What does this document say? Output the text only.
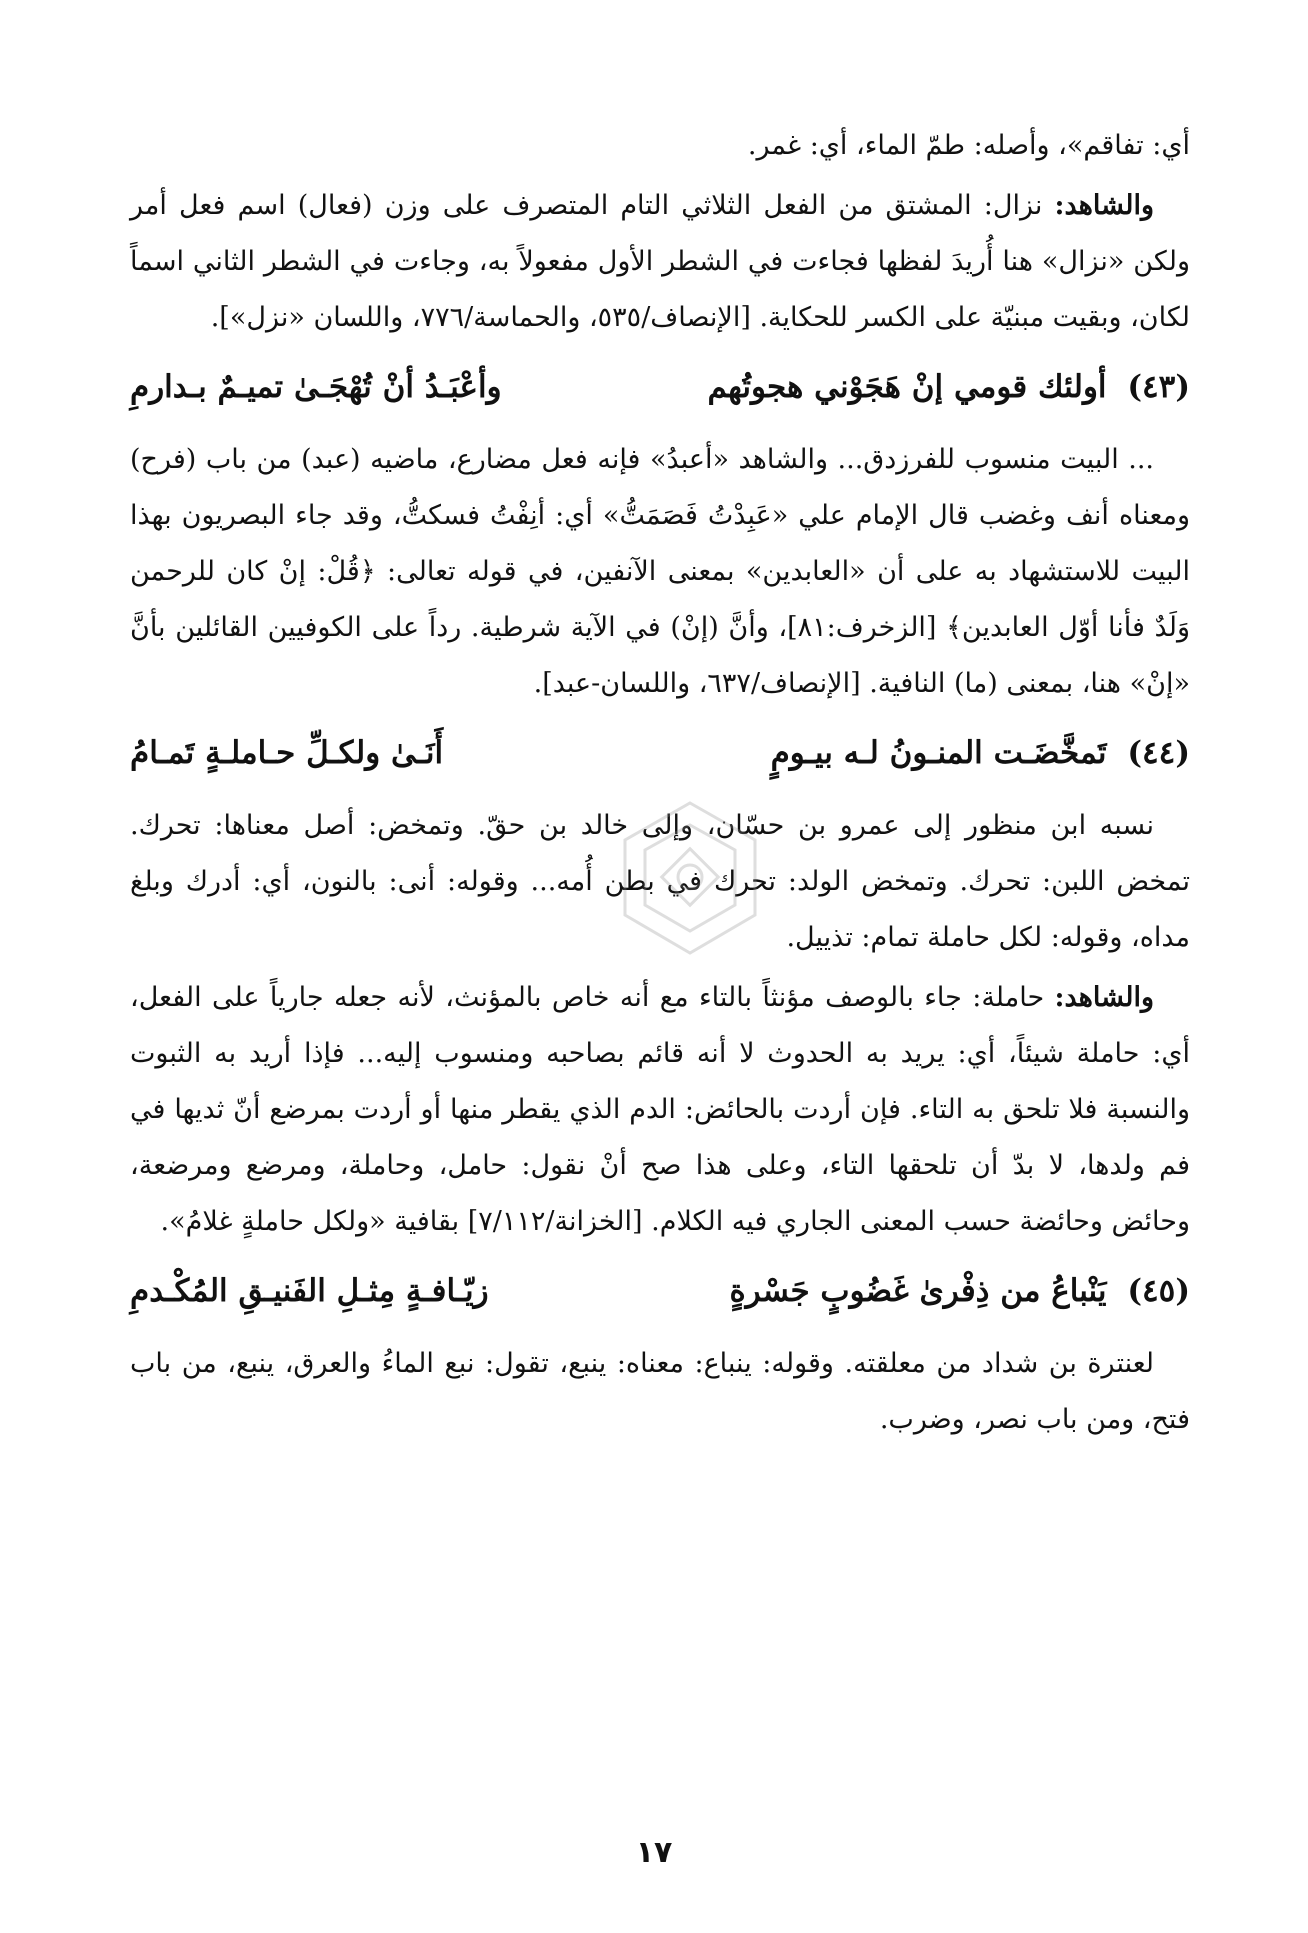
أي: تفاقم»، وأصله: طمّ الماء، أي: غمر.

والشاهد: نزال: المشتق من الفعل الثلاثي التام المتصرف على وزن (فعال) اسم فعل أمر ولكن «نزال» هنا أُريدَ لفظها فجاءت في الشطر الأول مفعولاً به، وجاءت في الشطر الثاني اسماً لكان، وبقيت مبنيّة على الكسر للحكاية. [الإنصاف/٥٣٥، والحماسة/٧٧٦، واللسان «نزل»].

(٤٣) أولئك قومي إنْ هَجَوْني هجوتُهم
وأعْبَـدُ أنْ تُهْجَـىٰ تميـمٌ بـدارمِ

... البيت منسوب للفرزدق... والشاهد «أعبدُ» فإنه فعل مضارع، ماضيه (عبد) من باب (فرح) ومعناه أنف وغضب قال الإمام علي «عَبِدْتُ فَصَمَتُّ» أي: أنِفْتُ فسكتُّ، وقد جاء البصريون بهذا البيت للاستشهاد به على أن «العابدين» بمعنى الآنفين، في قوله تعالى: ﴿قُلْ: إنْ كان للرحمن وَلَدٌ فأنا أوّل العابدين﴾ [الزخرف:٨١]، وأنَّ (إنْ) في الآية شرطية. رداً على الكوفيين القائلين بأنَّ «إنْ» هنا، بمعنى (ما) النافية. [الإنصاف/٦٣٧، واللسان-عبد].

(٤٤) تَمخَّضَـت المنـونُ لـه بيـومٍ
أَنَـىٰ ولكـلِّ حـاملـةٍ تَمـامُ

نسبه ابن منظور إلى عمرو بن حسّان، وإلى خالد بن حقّ. وتمخض: أصل معناها: تحرك. تمخض اللبن: تحرك. وتمخض الولد: تحرك في بطن أُمه... وقوله: أنى: بالنون، أي: أدرك وبلغ مداه، وقوله: لكل حاملة تمام: تذييل.

والشاهد: حاملة: جاء بالوصف مؤنثاً بالتاء مع أنه خاص بالمؤنث، لأنه جعله جارياً على الفعل، أي: حاملة شيئاً، أي: يريد به الحدوث لا أنه قائم بصاحبه ومنسوب إليه... فإذا أريد به الثبوت والنسبة فلا تلحق به التاء. فإن أردت بالحائض: الدم الذي يقطر منها أو أردت بمرضع أنّ ثديها في فم ولدها، لا بدّ أن تلحقها التاء، وعلى هذا صح أنْ نقول: حامل، وحاملة، ومرضع ومرضعة، وحائض وحائضة حسب المعنى الجاري فيه الكلام. [الخزانة/٧/١١٢] بقافية «ولكل حاملةٍ غلامُ».

(٤٥) يَنْباعُ من ذِفْرىٰ غَضُوبٍ جَسْرةٍ
زيّـافـةٍ مِثـلِ الفَنيـقِ المُكْـدمِ

لعنترة بن شداد من معلقته. وقوله: ينباع: معناه: ينبع، تقول: نبع الماءُ والعرق، ينبع، من باب فتح، ومن باب نصر، وضرب.

١٧
